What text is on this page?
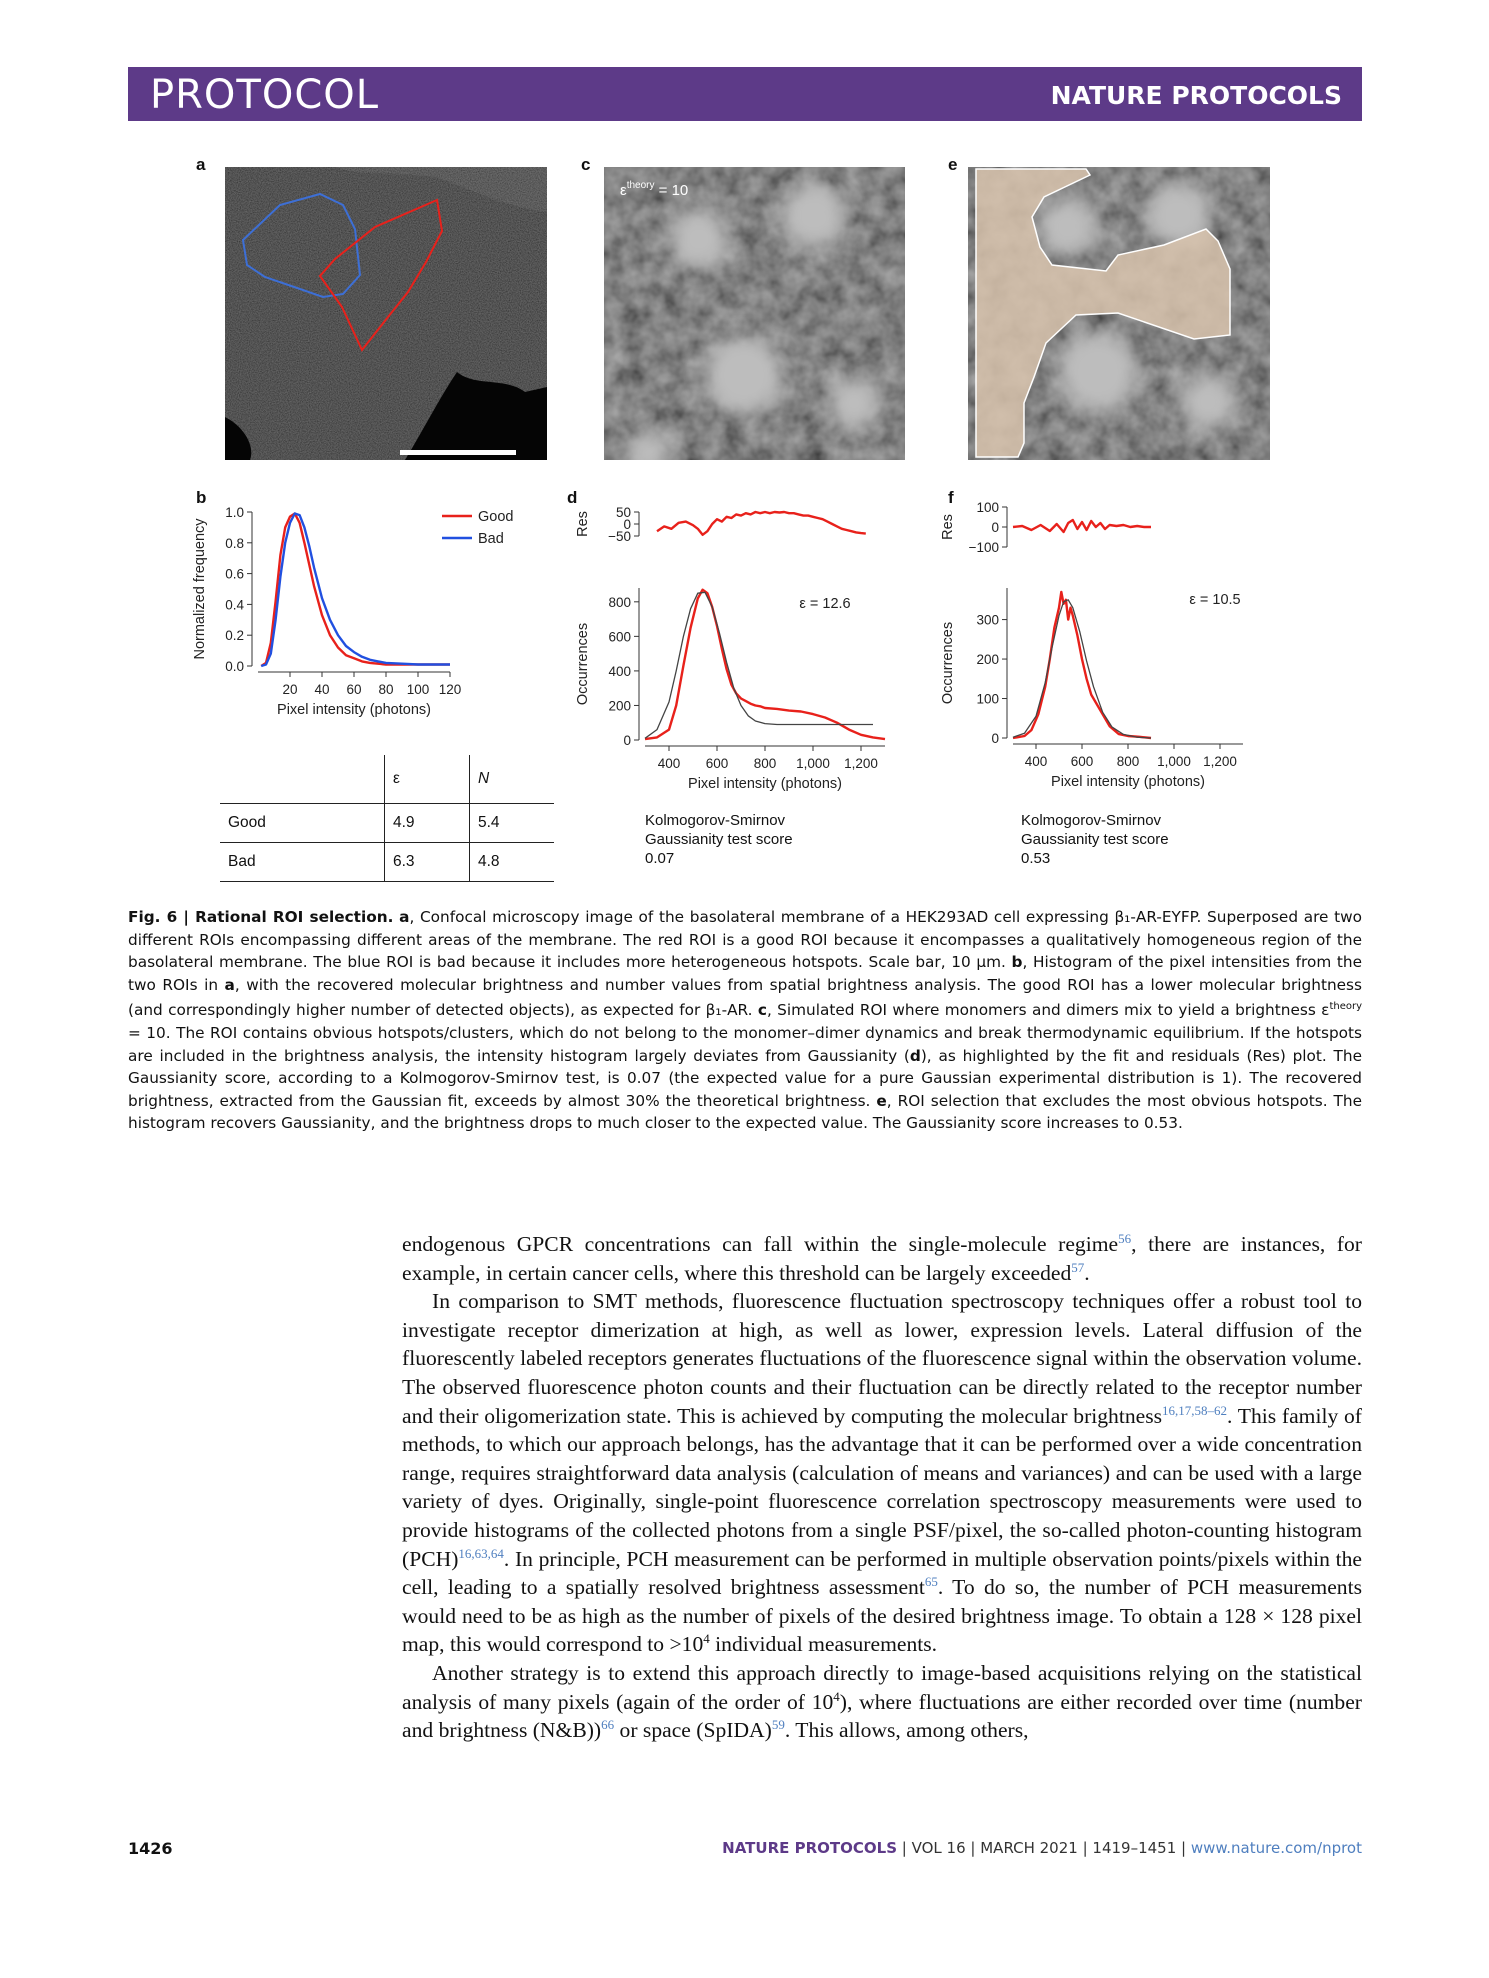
PROTOCOL	NATURE PROTOCOLS
a	c	e
b	d	f
$\varepsilon^{theory} = 10$
0.0
0.2
0.4
0.6
0.8
1.0
20 40 60 80 100 120
Pixel intensity (photons)
Normalized frequency
Good
Bad
50
0
−50
Res
0
200
400
600
800
400 600 800 1,000 1,200
Pixel intensity (photons)
Occurrences
ε = 12.6
100
0
−100
Res
0
100
200
300
400 600 800 1,000 1,200
Pixel intensity (photons)
Occurrences
ε = 10.5
Kolmogorov-Smirnov
Gaussianity test score
0.07
Kolmogorov-Smirnov
Gaussianity test score
0.53
	ε	N
Good	4.9	5.4
Bad	6.3	4.8
Fig. 6 | Rational ROI selection. a, Confocal microscopy image of the basolateral membrane of a HEK293AD cell expressing β₁-AR-EYFP. Superposed are two different ROIs encompassing different areas of the membrane. The red ROI is a good ROI because it encompasses a qualitatively homogeneous region of the basolateral membrane. The blue ROI is bad because it includes more heterogeneous hotspots. Scale bar, 10 μm. b, Histogram of the pixel intensities from the two ROIs in a, with the recovered molecular brightness and number values from spatial brightness analysis. The good ROI has a lower molecular brightness (and correspondingly higher number of detected objects), as expected for β₁-AR. c, Simulated ROI where monomers and dimers mix to yield a brightness $\varepsilon^{theory} = 10$. The ROI contains obvious hotspots/clusters, which do not belong to the monomer–dimer dynamics and break thermodynamic equilibrium. If the hotspots are included in the brightness analysis, the intensity histogram largely deviates from Gaussianity (d), as highlighted by the fit and residuals (Res) plot. The Gaussianity score, according to a Kolmogorov-Smirnov test, is 0.07 (the expected value for a pure Gaussian experimental distribution is 1). The recovered brightness, extracted from the Gaussian fit, exceeds by almost 30% the theoretical brightness. e, ROI selection that excludes the most obvious hotspots. The histogram recovers Gaussianity, and the brightness drops to much closer to the expected value. The Gaussianity score increases to 0.53.

endogenous GPCR concentrations can fall within the single-molecule regime$^{56}$, there are instances, for example, in certain cancer cells, where this threshold can be largely exceeded$^{57}$.

In comparison to SMT methods, fluorescence fluctuation spectroscopy techniques offer a robust tool to investigate receptor dimerization at high, as well as lower, expression levels. Lateral diffusion of the fluorescently labeled receptors generates fluctuations of the fluorescence signal within the observation volume. The observed fluorescence photon counts and their fluctuation can be directly related to the receptor number and their oligomerization state. This is achieved by computing the molecular brightness$^{16,17,58-62}$. This family of methods, to which our approach belongs, has the advantage that it can be performed over a wide concentration range, requires straightforward data analysis (calculation of means and variances) and can be used with a large variety of dyes. Originally, single-point fluorescence correlation spectroscopy measurements were used to provide histograms of the collected photons from a single PSF/pixel, the so-called photon-counting histogram (PCH)$^{16,63,64}$. In principle, PCH measurement can be performed in multiple observation points/pixels within the cell, leading to a spatially resolved brightness assessment$^{65}$. To do so, the number of PCH measurements would need to be as high as the number of pixels of the desired brightness image. To obtain a 128 × 128 pixel map, this would correspond to $>10^4$ individual measurements.

Another strategy is to extend this approach directly to image-based acquisitions relying on the statistical analysis of many pixels (again of the order of $10^4$), where fluctuations are either recorded over time (number and brightness (N&B))$^{66}$ or space (SpIDA)$^{59}$. This allows, among others,

1426	NATURE PROTOCOLS | VOL 16 | MARCH 2021 | 1419–1451 | www.nature.com/nprot
